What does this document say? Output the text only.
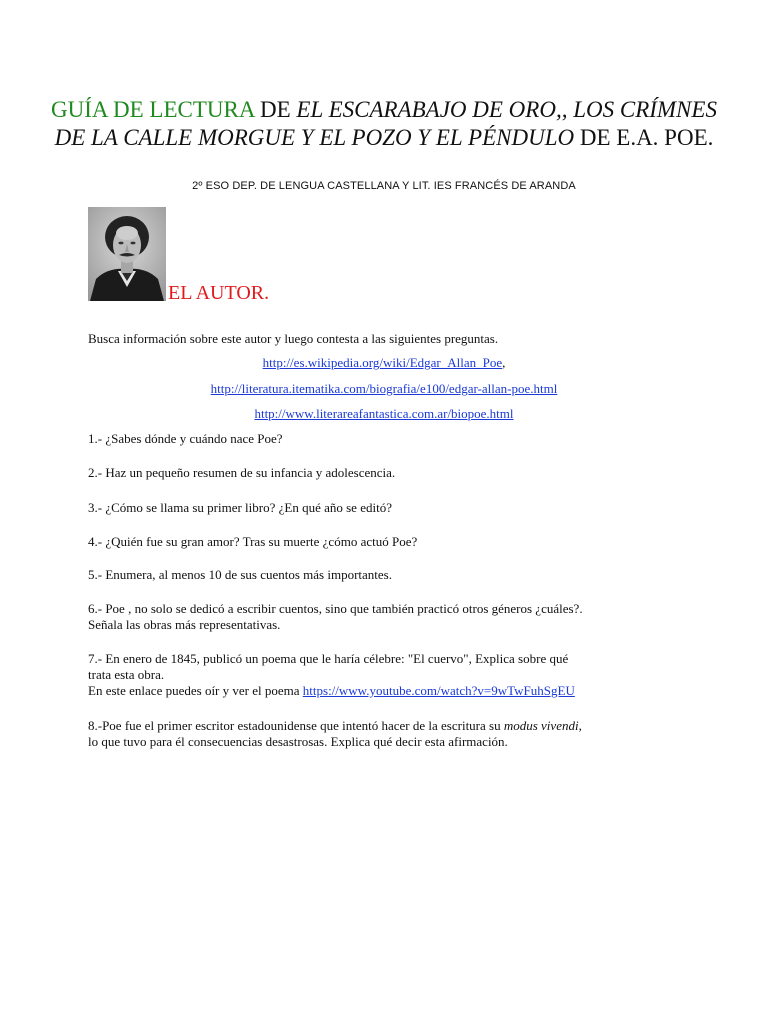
GUÍA DE LECTURA DE EL ESCARABAJO DE ORO,, LOS CRÍMNES DE LA CALLE MORGUE Y EL POZO Y EL PÉNDULO DE E.A. POE.
2º ESO DEP. DE LENGUA CASTELLANA Y LIT. IES FRANCÉS DE ARANDA
EL AUTOR.
Busca información sobre este autor y luego contesta a las siguientes preguntas.
http://es.wikipedia.org/wiki/Edgar_Allan_Poe,
http://literatura.itematika.com/biografia/e100/edgar-allan-poe.html
http://www.literareafantastica.com.ar/biopoe.html
1.- ¿Sabes dónde y cuándo nace Poe?
2.- Haz un pequeño resumen de su infancia y adolescencia.
3.- ¿Cómo se llama su primer libro? ¿En qué año se editó?
4.- ¿Quién fue su gran amor? Tras su muerte ¿cómo actuó Poe?
5.- Enumera, al menos 10 de sus cuentos más importantes.
6.- Poe , no solo se dedicó a escribir cuentos, sino que también practicó otros géneros ¿cuáles?.
Señala las obras más representativas.
7.- En enero de 1845, publicó un poema que le haría célebre: "El cuervo", Explica sobre qué
trata esta obra.
En este enlace puedes oír y ver el poema https://www.youtube.com/watch?v=9wTwFuhSgEU
8.-Poe fue el primer escritor estadounidense que intentó hacer de la escritura su modus vivendi,
lo que tuvo para él consecuencias desastrosas. Explica qué decir esta afirmación.
